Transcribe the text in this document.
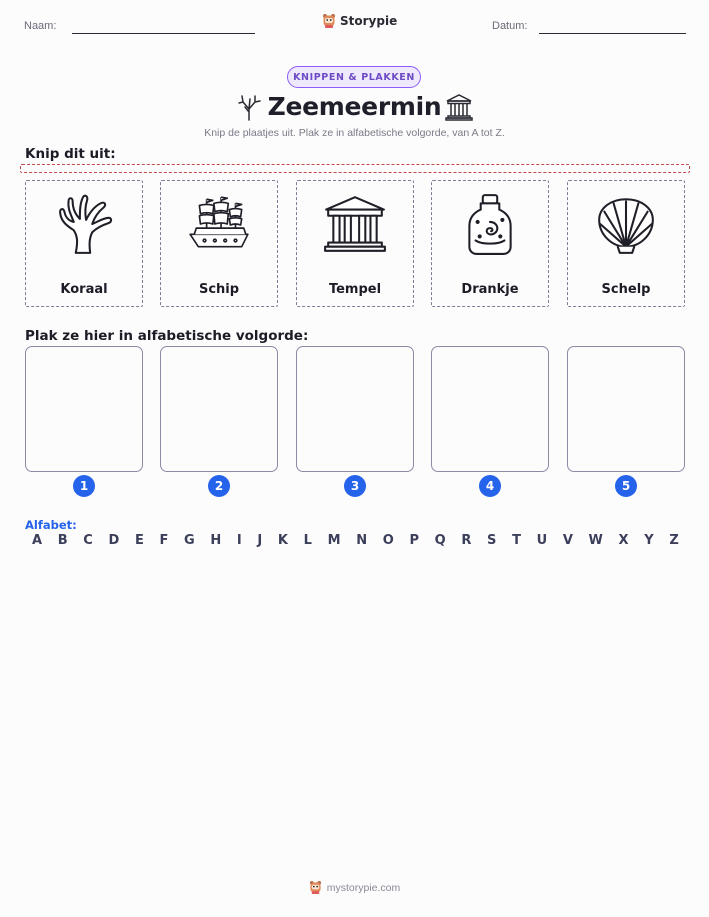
Naam:	Storypie	Datum:
KNIPPEN & PLAKKEN
Zeemeermin
Knip de plaatjes uit. Plak ze in alfabetische volgorde, van A tot Z.
Knip dit uit:
Koraal	Schip	Tempel	Drankje	Schelp
Plak ze hier in alfabetische volgorde:
1	2	3	4	5
Alfabet:
A B C D E F G H I J K L M N O P Q R S T U V W X Y Z
mystorypie.com
